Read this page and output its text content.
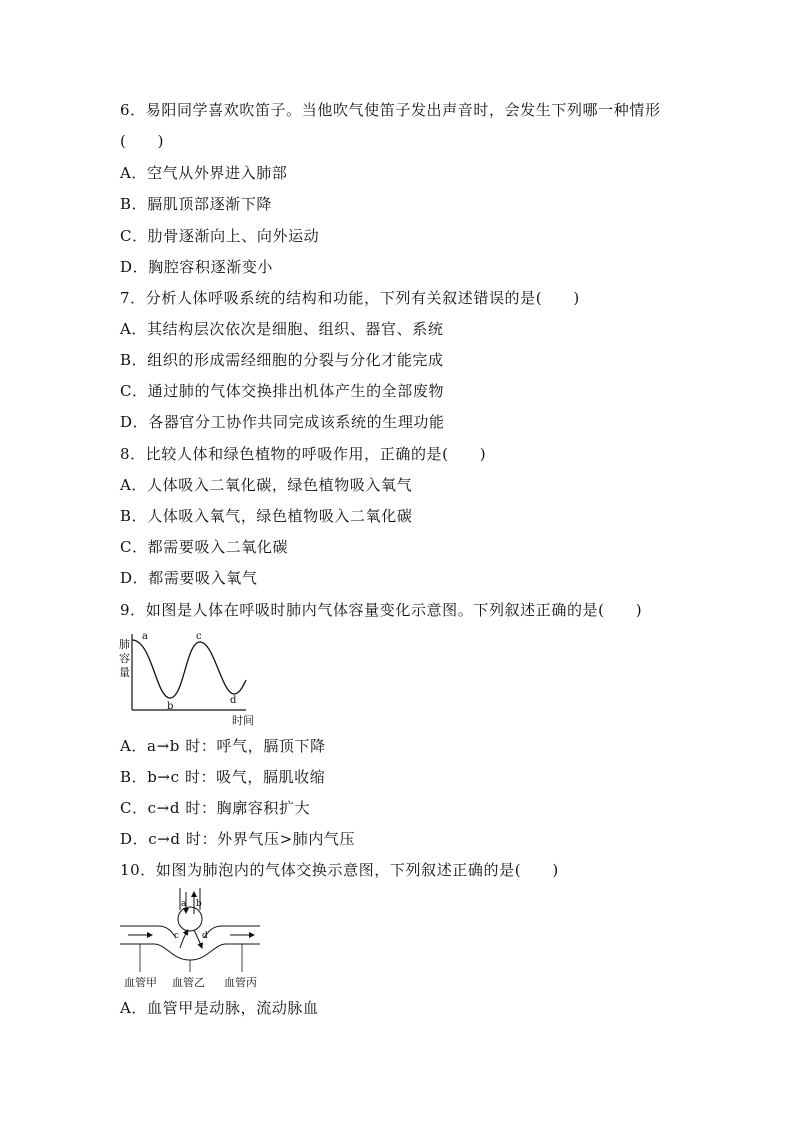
6．易阳同学喜欢吹笛子。当他吹气使笛子发出声音时，会发生下列哪一种情形
(　　)
A．空气从外界进入肺部
B．膈肌顶部逐渐下降
C．肋骨逐渐向上、向外运动
D．胸腔容积逐渐变小
7．分析人体呼吸系统的结构和功能，下列有关叙述错误的是(　　)
A．其结构层次依次是细胞、组织、器官、系统
B．组织的形成需经细胞的分裂与分化才能完成
C．通过肺的气体交换排出机体产生的全部废物
D．各器官分工协作共同完成该系统的生理功能
8．比较人体和绿色植物的呼吸作用，正确的是(　　)
A．人体吸入二氧化碳，绿色植物吸入氧气
B．人体吸入氧气，绿色植物吸入二氧化碳
C．都需要吸入二氧化碳
D．都需要吸入氧气
9．如图是人体在呼吸时肺内气体容量变化示意图。下列叙述正确的是(　　)
肺
容
量
a
b
c
d
时间
A．a→b 时：呼气，膈顶下降
B．b→c 时：吸气，膈肌收缩
C．c→d 时：胸廓容积扩大
D．c→d 时：外界气压>肺内气压
10．如图为肺泡内的气体交换示意图，下列叙述正确的是(　　)
a b
c	d
血管甲 血管乙 血管丙
A．血管甲是动脉，流动脉血
